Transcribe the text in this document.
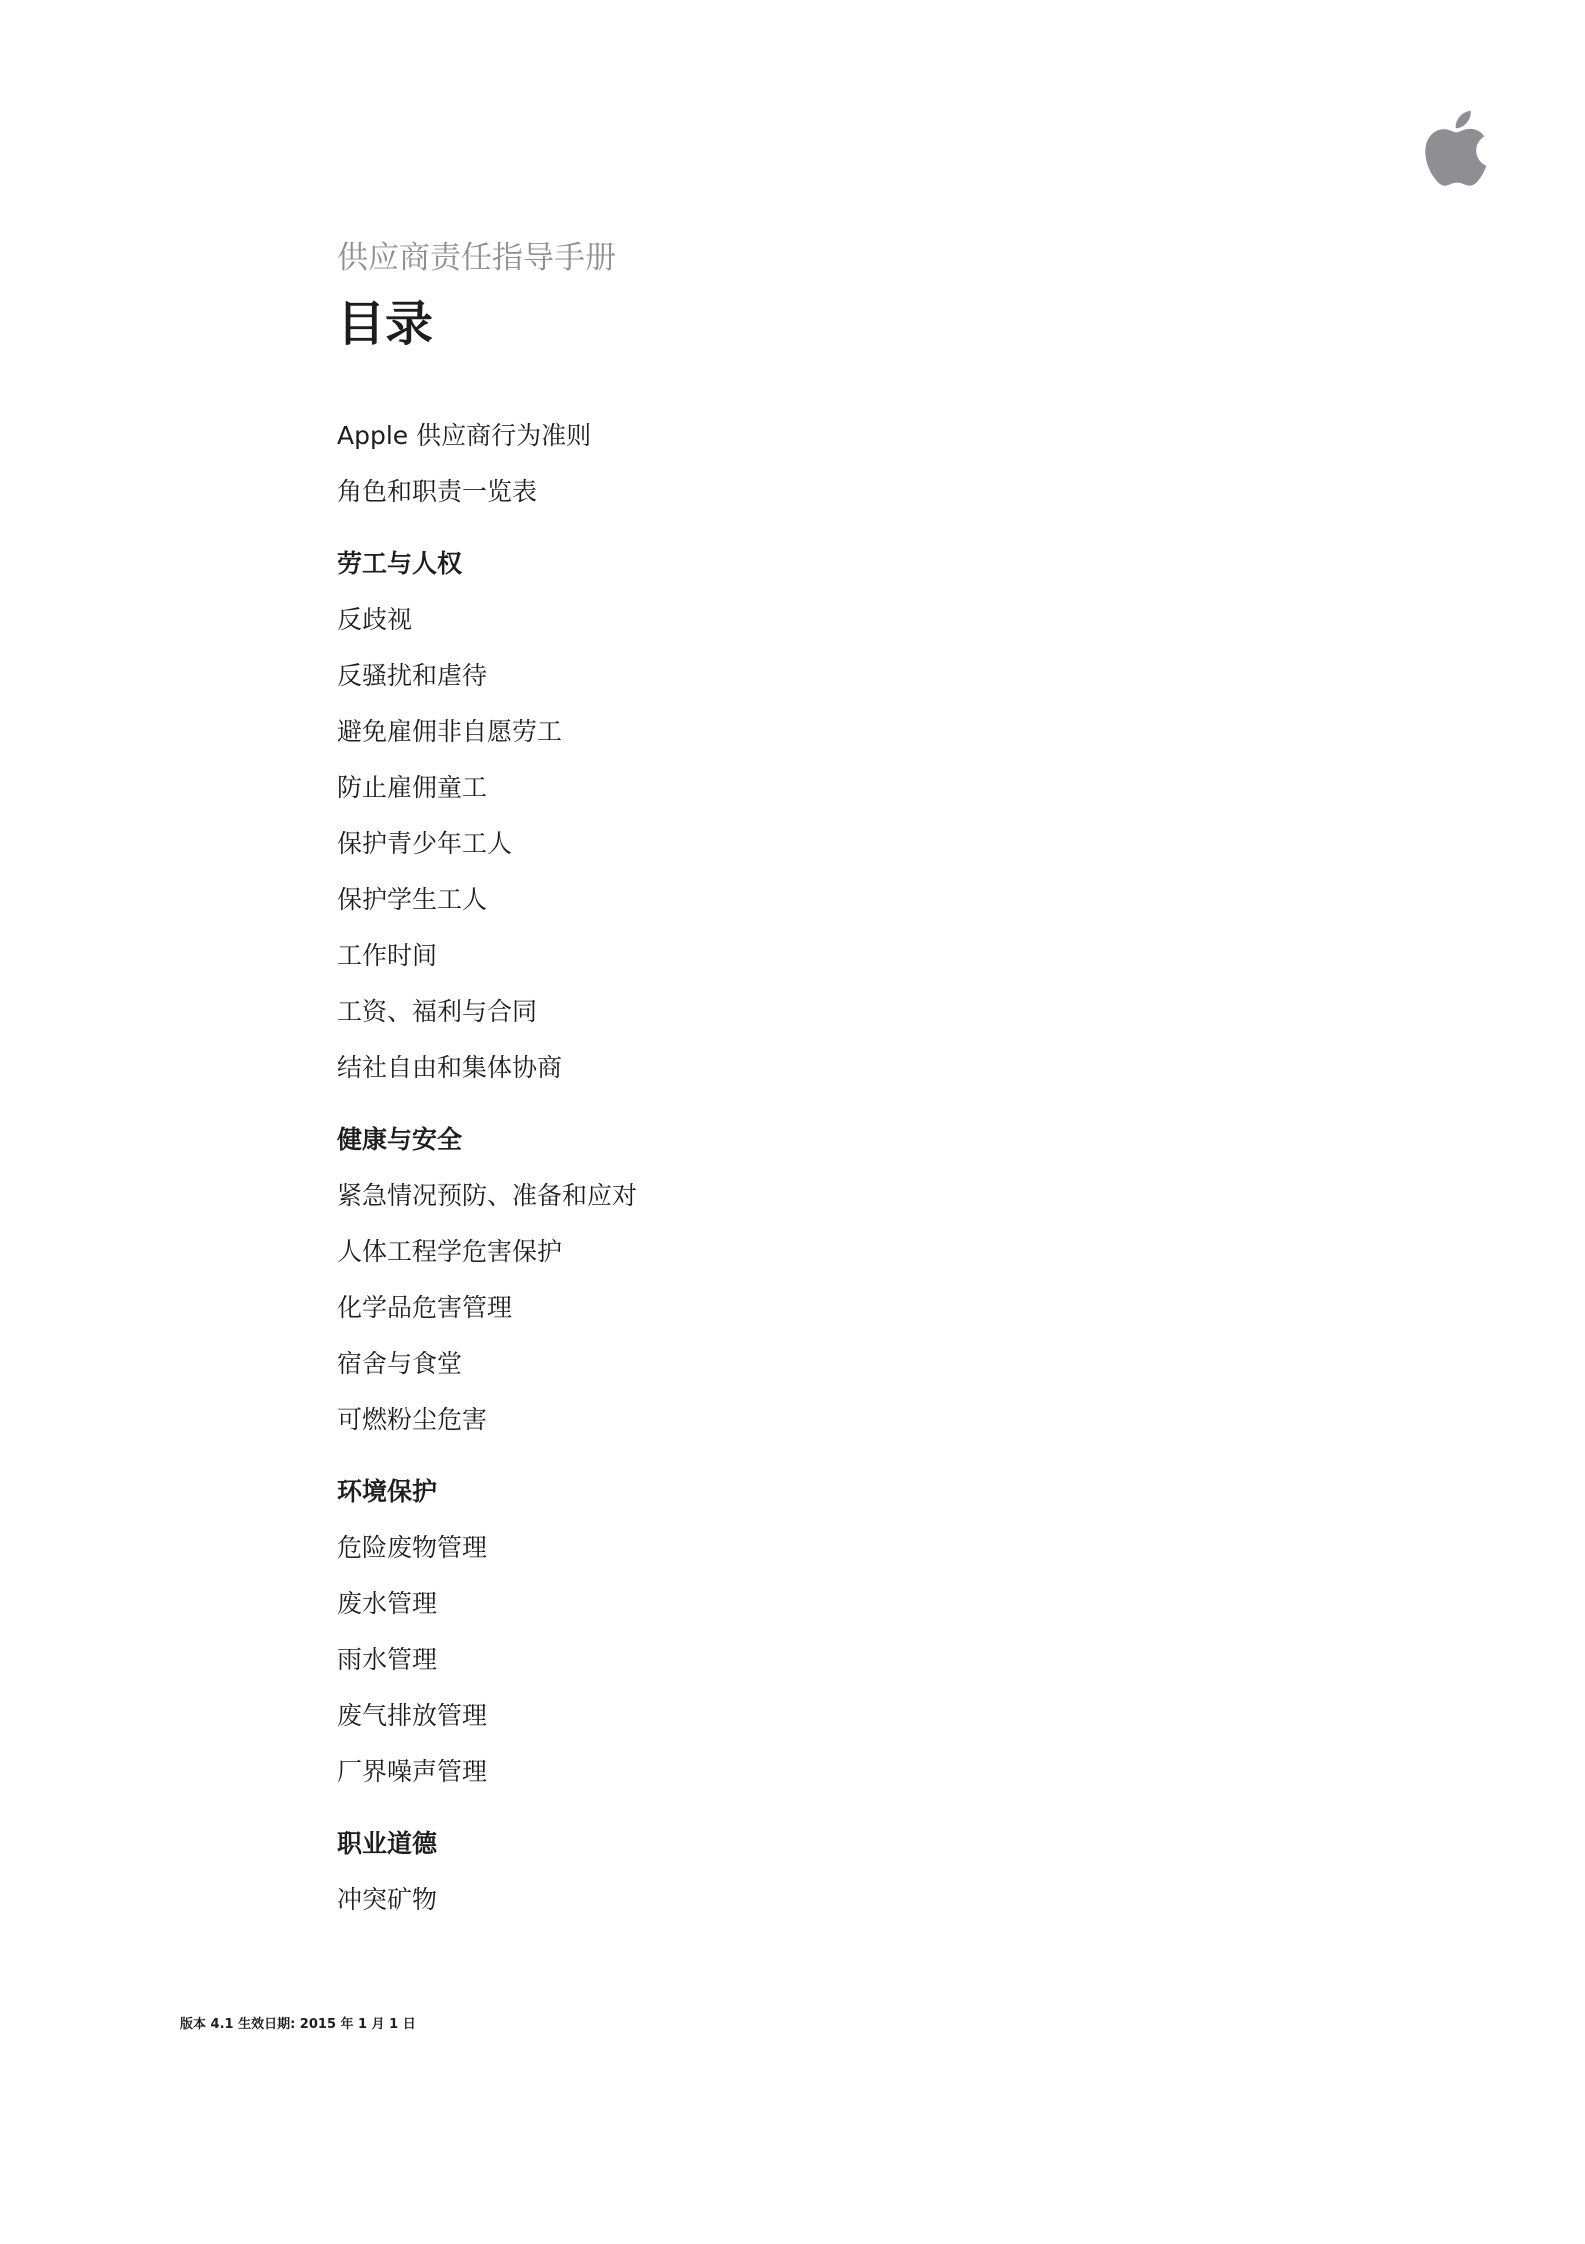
供应商责任指导手册

目录
Apple 供应商行为准则
角色和职责一览表
劳工与人权
反歧视
反骚扰和虐待
避免雇佣非自愿劳工
防止雇佣童工
保护青少年工人
保护学生工人
工作时间
工资、福利与合同
结社自由和集体协商
健康与安全
紧急情况预防、准备和应对
人体工程学危害保护
化学品危害管理
宿舍与食堂
可燃粉尘危害
环境保护
危险废物管理
废水管理
雨水管理
废气排放管理
厂界噪声管理
职业道德
冲突矿物
版本 4.1 生效日期: 2015 年 1 月 1 日
